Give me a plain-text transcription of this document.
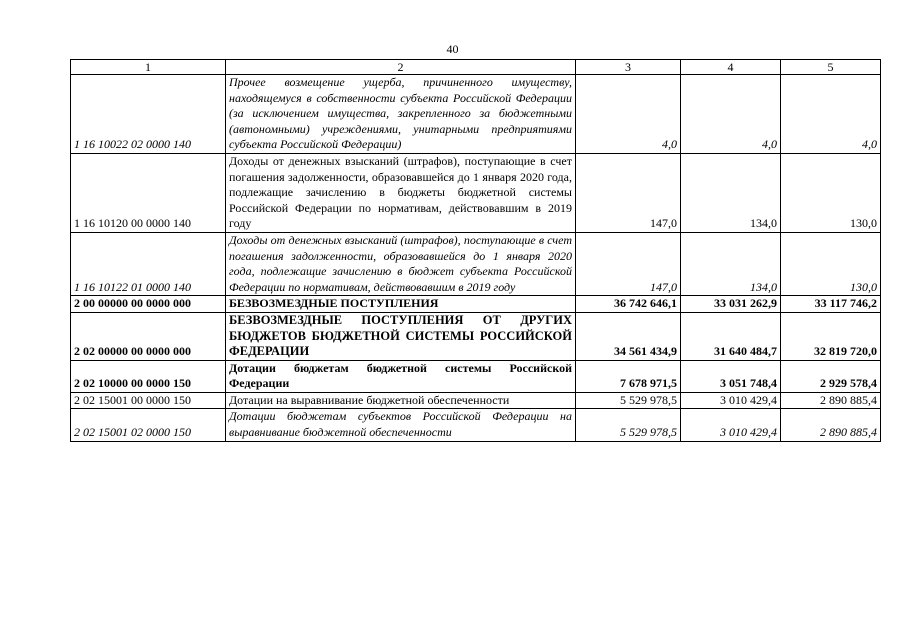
40
1	2	3	4	5
1 16 10022 02 0000 140	Прочее возмещение ущерба, причиненного имуществу, находящемуся в собственности субъекта Российской Федерации (за исключением имущества, закрепленного за бюджетными (автономными) учреждениями, унитарными предприятиями субъекта Российской Федерации)	4,0	4,0	4,0
1 16 10120 00 0000 140	Доходы от денежных взысканий (штрафов), поступающие в счет погашения задолженности, образовавшейся до 1 января 2020 года, подлежащие зачислению в бюджеты бюджетной системы Российской Федерации по нормативам, действовавшим в 2019 году	147,0	134,0	130,0
1 16 10122 01 0000 140	Доходы от денежных взысканий (штрафов), поступающие в счет погашения задолженности, образовавшейся до 1 января 2020 года, подлежащие зачислению в бюджет субъекта Российской Федерации по нормативам, действовавшим в 2019 году	147,0	134,0	130,0
2 00 00000 00 0000 000	БЕЗВОЗМЕЗДНЫЕ ПОСТУПЛЕНИЯ	36 742 646,1	33 031 262,9	33 117 746,2
2 02 00000 00 0000 000	БЕЗВОЗМЕЗДНЫЕ ПОСТУПЛЕНИЯ ОТ ДРУГИХ БЮДЖЕТОВ БЮДЖЕТНОЙ СИСТЕМЫ РОССИЙСКОЙ ФЕДЕРАЦИИ	34 561 434,9	31 640 484,7	32 819 720,0
2 02 10000 00 0000 150	Дотации бюджетам бюджетной системы Российской Федерации	7 678 971,5	3 051 748,4	2 929 578,4
2 02 15001 00 0000 150	Дотации на выравнивание бюджетной обеспеченности	5 529 978,5	3 010 429,4	2 890 885,4
2 02 15001 02 0000 150	Дотации бюджетам субъектов Российской Федерации на выравнивание бюджетной обеспеченности	5 529 978,5	3 010 429,4	2 890 885,4
